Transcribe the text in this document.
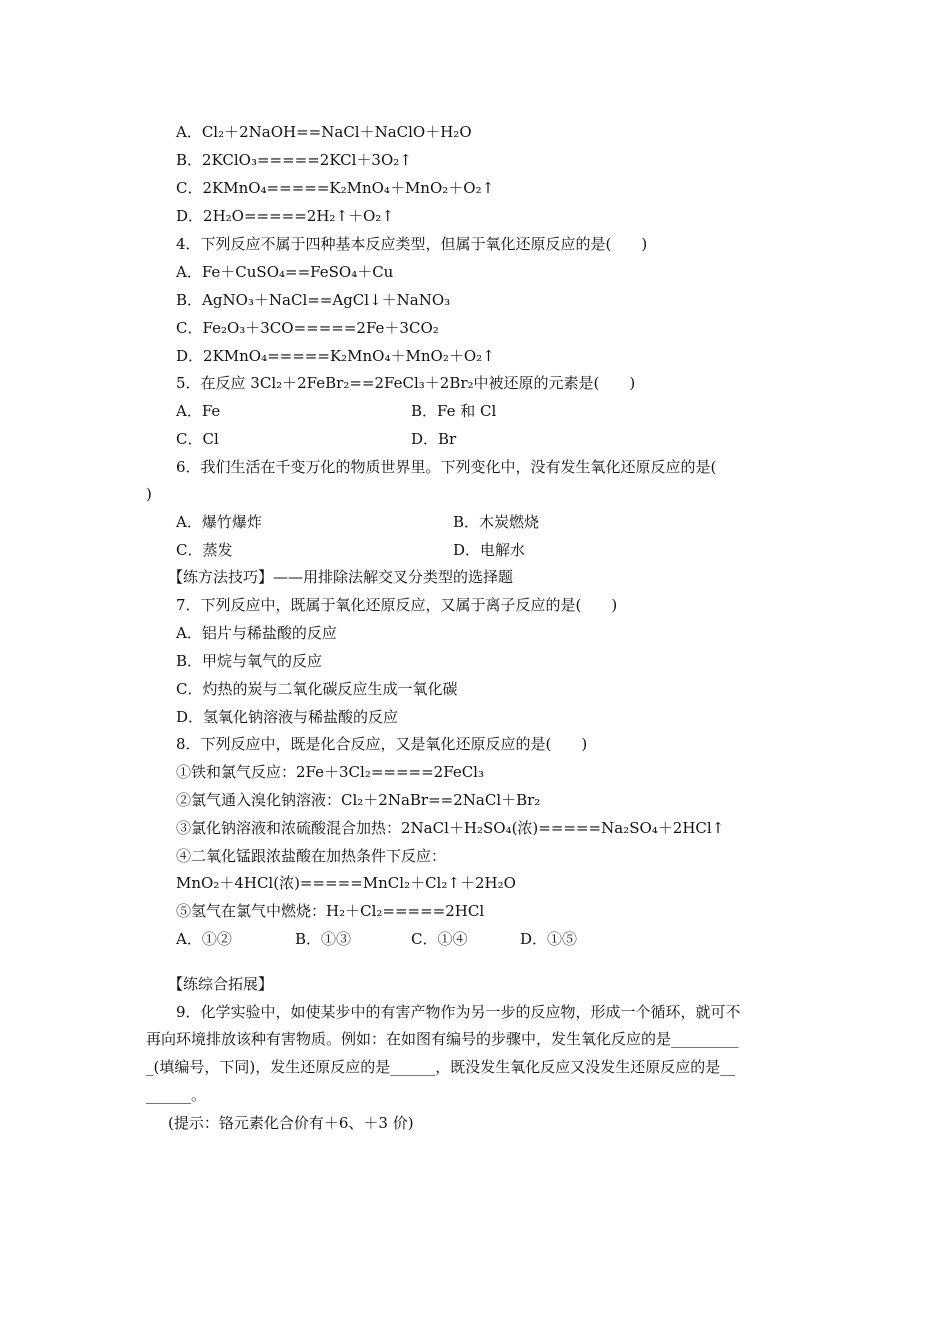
A．Cl₂＋2NaOH==NaCl＋NaClO＋H₂O
B．2KClO₃=====2KCl＋3O₂↑
C．2KMnO₄=====K₂MnO₄＋MnO₂＋O₂↑
D．2H₂O=====2H₂↑＋O₂↑
4．下列反应不属于四种基本反应类型，但属于氧化还原反应的是(　　)
A．Fe＋CuSO₄==FeSO₄＋Cu
B．AgNO₃＋NaCl==AgCl↓＋NaNO₃
C．Fe₂O₃＋3CO=====2Fe＋3CO₂
D．2KMnO₄=====K₂MnO₄＋MnO₂＋O₂↑
5．在反应 3Cl₂＋2FeBr₂==2FeCl₃＋2Br₂中被还原的元素是(　　)
A．Fe	B．Fe 和 Cl
C．Cl	D．Br
6．我们生活在千变万化的物质世界里。下列变化中，没有发生氧化还原反应的是(
)
A．爆竹爆炸	B．木炭燃烧
C．蒸发	D．电解水
【练方法技巧】——用排除法解交叉分类型的选择题
7．下列反应中，既属于氧化还原反应，又属于离子反应的是(　　)
A．铝片与稀盐酸的反应
B．甲烷与氧气的反应
C．灼热的炭与二氧化碳反应生成一氧化碳
D．氢氧化钠溶液与稀盐酸的反应
8．下列反应中，既是化合反应，又是氧化还原反应的是(　　)
①铁和氯气反应：2Fe＋3Cl₂=====2FeCl₃
②氯气通入溴化钠溶液：Cl₂＋2NaBr==2NaCl＋Br₂
③氯化钠溶液和浓硫酸混合加热：2NaCl＋H₂SO₄(浓)=====Na₂SO₄＋2HCl↑
④二氧化锰跟浓盐酸在加热条件下反应：
MnO₂＋4HCl(浓)=====MnCl₂＋Cl₂↑＋2H₂O
⑤氢气在氯气中燃烧：H₂＋Cl₂=====2HCl
A．①②	B．①③	C．①④	D．①⑤
【练综合拓展】
9．化学实验中，如使某步中的有害产物作为另一步的反应物，形成一个循环，就可不
再向环境排放该种有害物质。例如：在如图有编号的步骤中，发生氧化反应的是_________
_(填编号，下同)，发生还原反应的是______，既没发生氧化反应又没发生还原反应的是__
______。
(提示：铬元素化合价有＋6、＋3 价)
